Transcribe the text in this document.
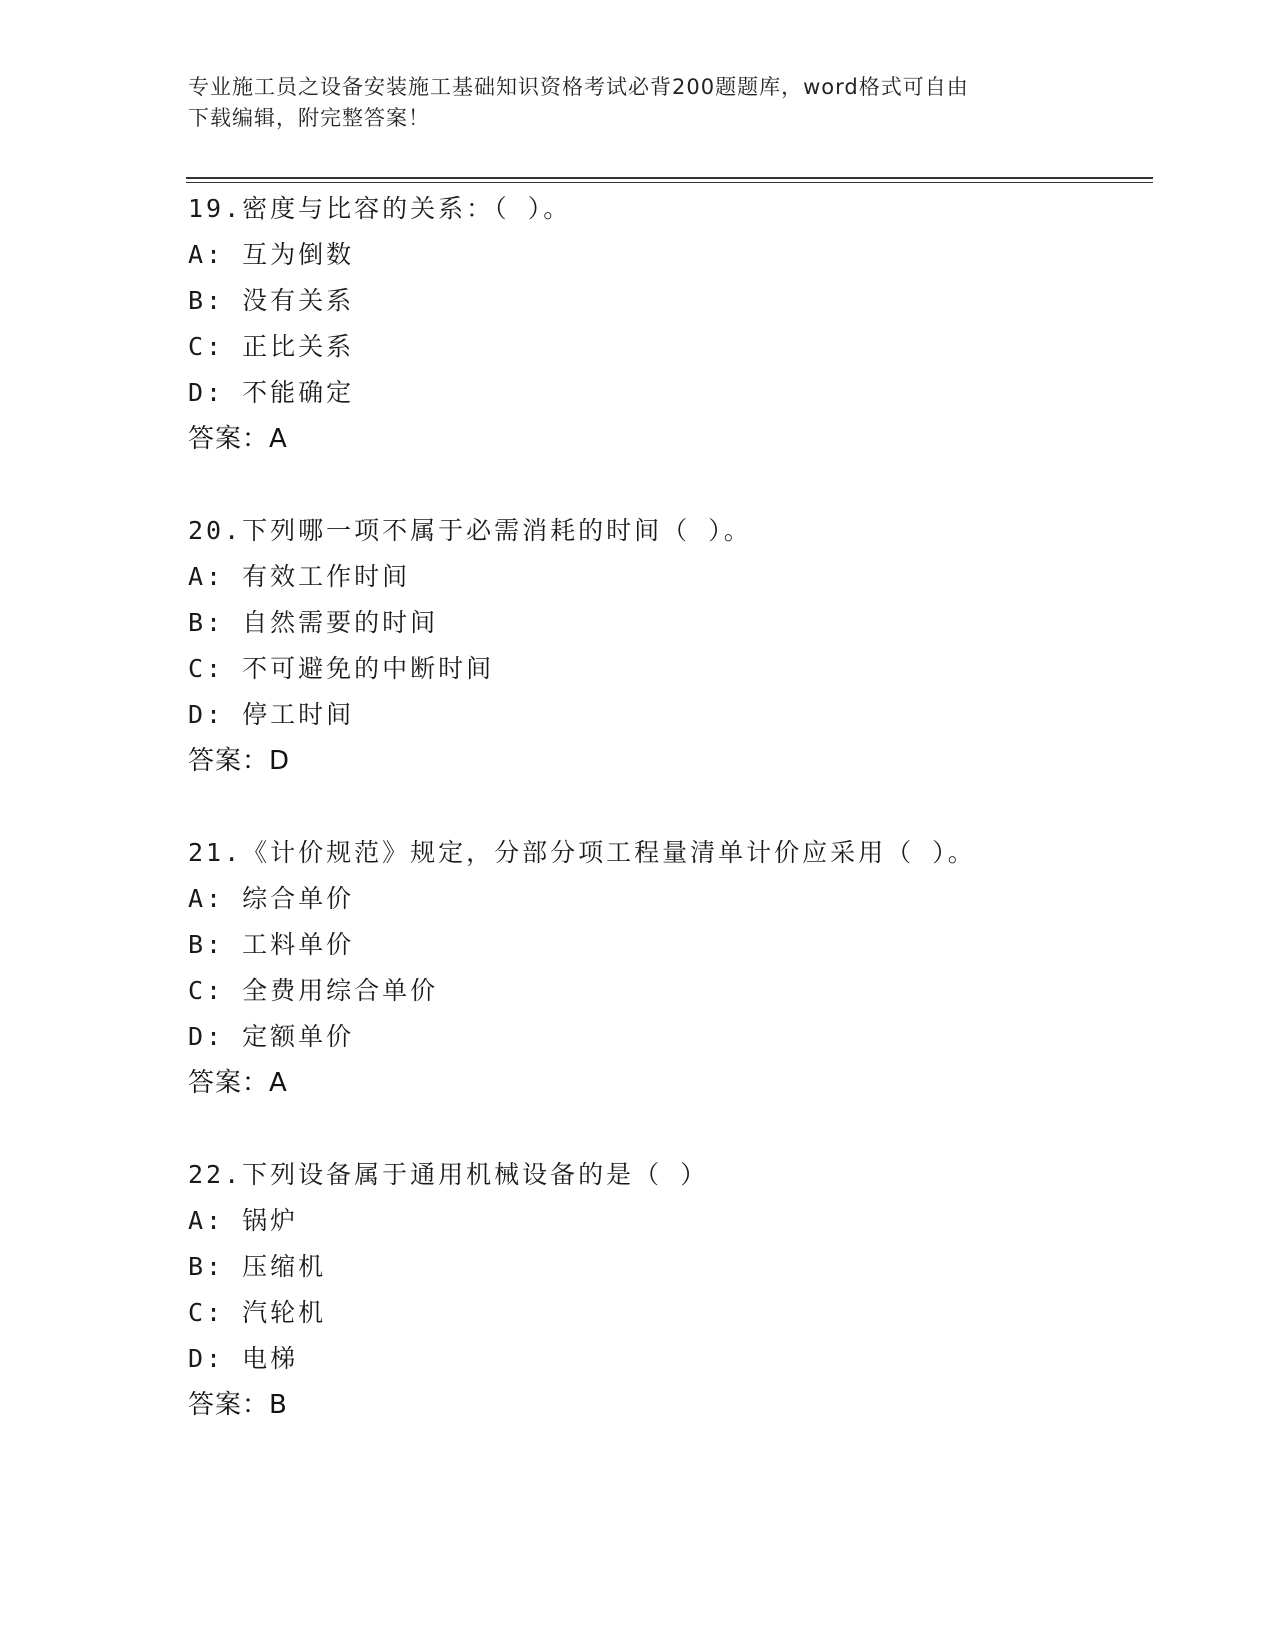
专业施工员之设备安装施工基础知识资格考试必背200题题库，word格式可自由
下载编辑，附完整答案！
19.密度与比容的关系：（ ）。
A: 互为倒数
B: 没有关系
C: 正比关系
D: 不能确定
答案：A
20.下列哪一项不属于必需消耗的时间（ ）。
A: 有效工作时间
B: 自然需要的时间
C: 不可避免的中断时间
D: 停工时间
答案：D
21.《计价规范》规定，分部分项工程量清单计价应采用（ ）。
A: 综合单价
B: 工料单价
C: 全费用综合单价
D: 定额单价
答案：A
22.下列设备属于通用机械设备的是（ ）
A: 锅炉
B: 压缩机
C: 汽轮机
D: 电梯
答案：B
